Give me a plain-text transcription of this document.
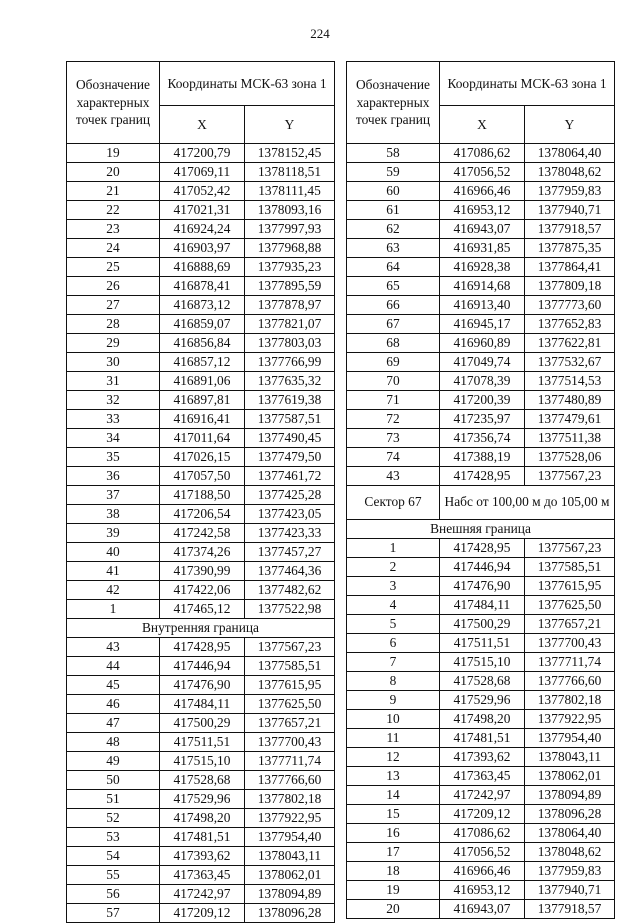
224
Обозначение характерных точек границ	Координаты МСК-63 зона 1	
	X	Y
19	417200,79	1378152,45
20	417069,11	1378118,51
21	417052,42	1378111,45
22	417021,31	1378093,16
23	416924,24	1377997,93
24	416903,97	1377968,88
25	416888,69	1377935,23
26	416878,41	1377895,59
27	416873,12	1377878,97
28	416859,07	1377821,07
29	416856,84	1377803,03
30	416857,12	1377766,99
31	416891,06	1377635,32
32	416897,81	1377619,38
33	416916,41	1377587,51
34	417011,64	1377490,45
35	417026,15	1377479,50
36	417057,50	1377461,72
37	417188,50	1377425,28
38	417206,54	1377423,05
39	417242,58	1377423,33
40	417374,26	1377457,27
41	417390,99	1377464,36
42	417422,06	1377482,62
1	417465,12	1377522,98
Внутренняя граница		
43	417428,95	1377567,23
44	417446,94	1377585,51
45	417476,90	1377615,95
46	417484,11	1377625,50
47	417500,29	1377657,21
48	417511,51	1377700,43
49	417515,10	1377711,74
50	417528,68	1377766,60
51	417529,96	1377802,18
52	417498,20	1377922,95
53	417481,51	1377954,40
54	417393,62	1378043,11
55	417363,45	1378062,01
56	417242,97	1378094,89
57	417209,12	1378096,28
Обозначение характерных точек границ	Координаты МСК-63 зона 1	
	X	Y
58	417086,62	1378064,40
59	417056,52	1378048,62
60	416966,46	1377959,83
61	416953,12	1377940,71
62	416943,07	1377918,57
63	416931,85	1377875,35
64	416928,38	1377864,41
65	416914,68	1377809,18
66	416913,40	1377773,60
67	416945,17	1377652,83
68	416960,89	1377622,81
69	417049,74	1377532,67
70	417078,39	1377514,53
71	417200,39	1377480,89
72	417235,97	1377479,61
73	417356,74	1377511,38
74	417388,19	1377528,06
43	417428,95	1377567,23
Сектор 67	Набс от 100,00 м до 105,00 м	
Внешняя граница		
1	417428,95	1377567,23
2	417446,94	1377585,51
3	417476,90	1377615,95
4	417484,11	1377625,50
5	417500,29	1377657,21
6	417511,51	1377700,43
7	417515,10	1377711,74
8	417528,68	1377766,60
9	417529,96	1377802,18
10	417498,20	1377922,95
11	417481,51	1377954,40
12	417393,62	1378043,11
13	417363,45	1378062,01
14	417242,97	1378094,89
15	417209,12	1378096,28
16	417086,62	1378064,40
17	417056,52	1378048,62
18	416966,46	1377959,83
19	416953,12	1377940,71
20	416943,07	1377918,57
